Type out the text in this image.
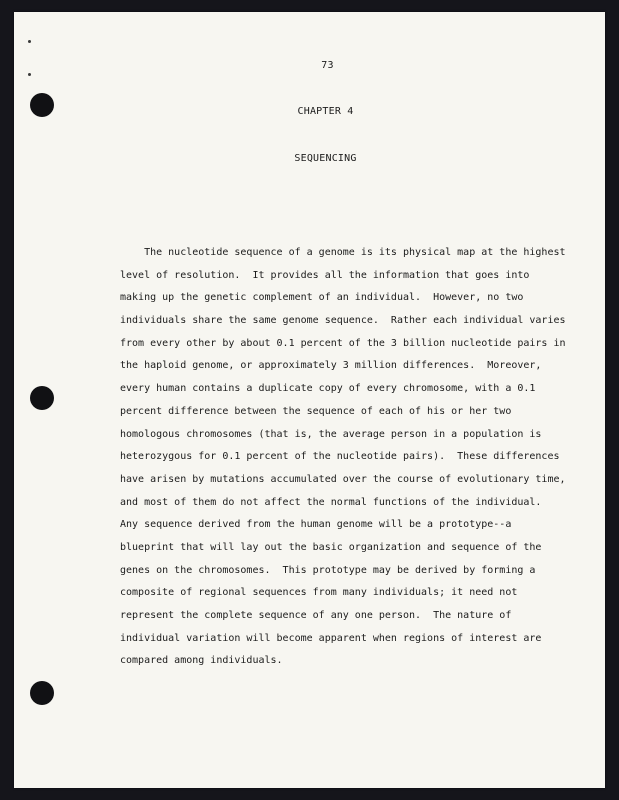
73
CHAPTER 4
SEQUENCING
The nucleotide sequence of a genome is its physical map at the highest
level of resolution.  It provides all the information that goes into
making up the genetic complement of an individual.  However, no two
individuals share the same genome sequence.  Rather each individual varies
from every other by about 0.1 percent of the 3 billion nucleotide pairs in
the haploid genome, or approximately 3 million differences.  Moreover,
every human contains a duplicate copy of every chromosome, with a 0.1
percent difference between the sequence of each of his or her two
homologous chromosomes (that is, the average person in a population is
heterozygous for 0.1 percent of the nucleotide pairs).  These differences
have arisen by mutations accumulated over the course of evolutionary time,
and most of them do not affect the normal functions of the individual.
Any sequence derived from the human genome will be a prototype--a
blueprint that will lay out the basic organization and sequence of the
genes on the chromosomes.  This prototype may be derived by forming a
composite of regional sequences from many individuals; it need not
represent the complete sequence of any one person.  The nature of
individual variation will become apparent when regions of interest are
compared among individuals.
